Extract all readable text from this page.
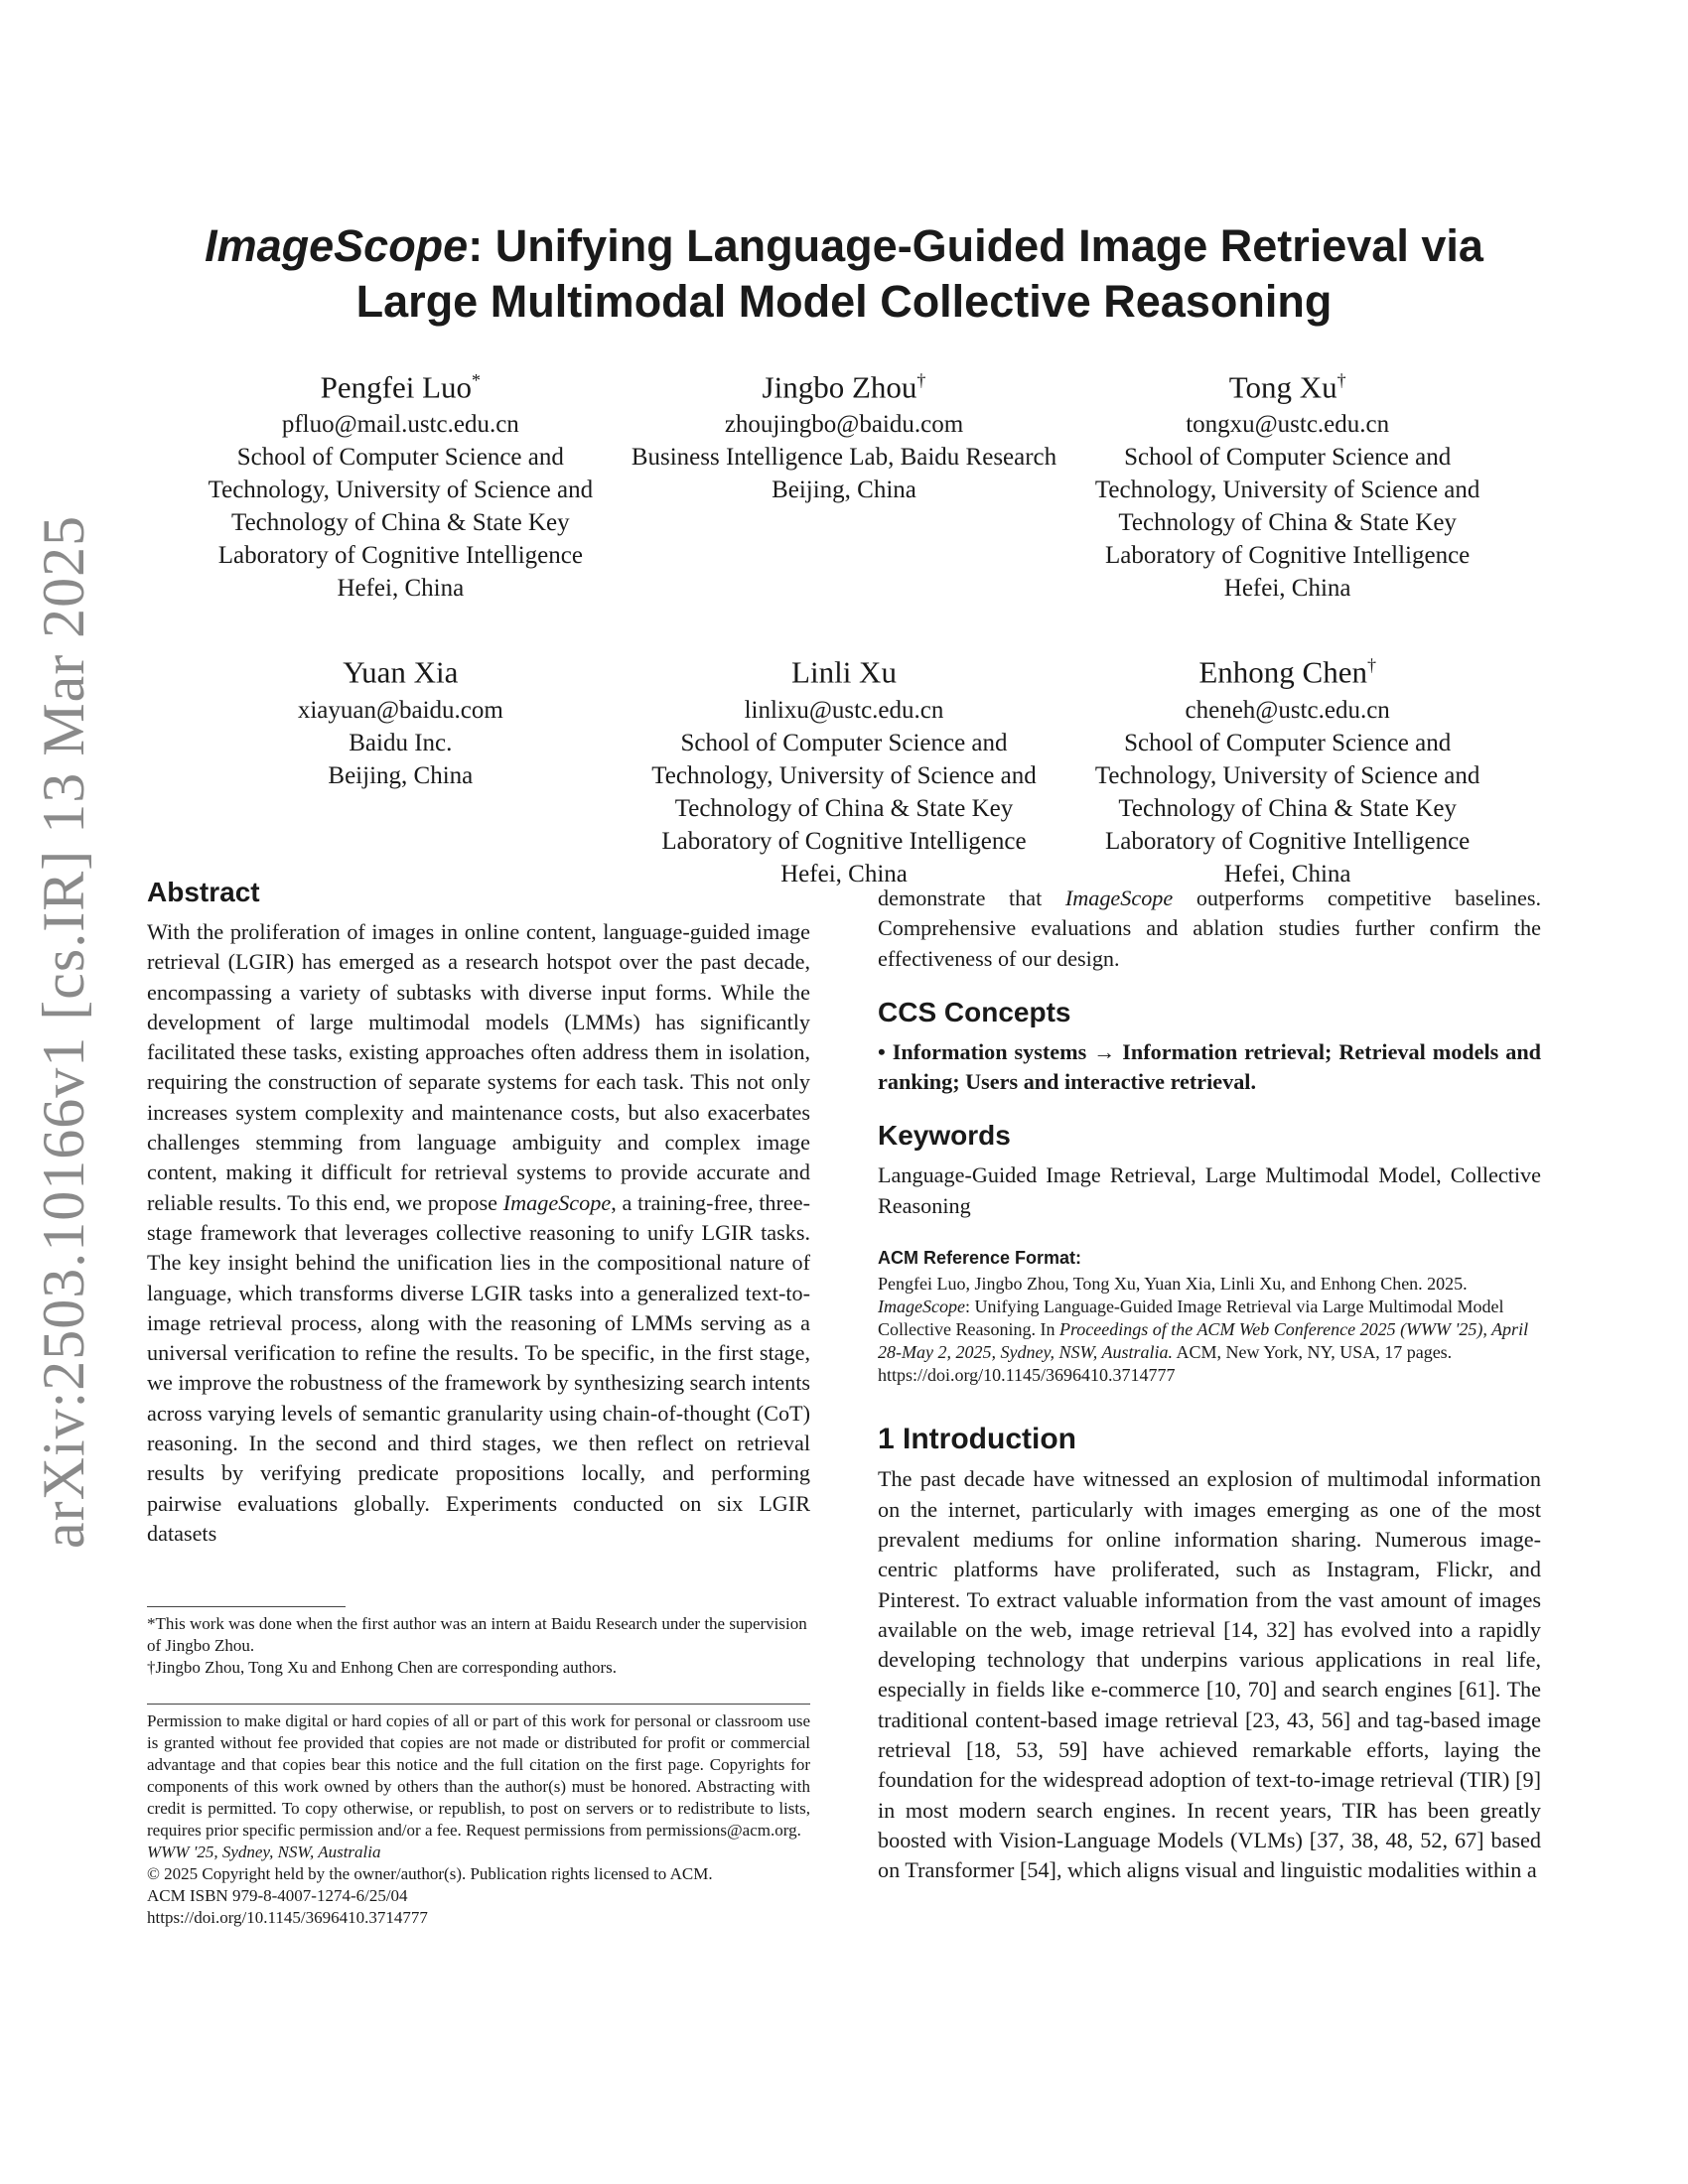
arXiv:2503.10166v1 [cs.IR] 13 Mar 2025
ImageScope: Unifying Language-Guided Image Retrieval via Large Multimodal Model Collective Reasoning
Pengfei Luo*
pfluo@mail.ustc.edu.cn
School of Computer Science and Technology, University of Science and Technology of China & State Key Laboratory of Cognitive Intelligence
Hefei, China
Jingbo Zhou†
zhoujingbo@baidu.com
Business Intelligence Lab, Baidu Research
Beijing, China
Tong Xu†
tongxu@ustc.edu.cn
School of Computer Science and Technology, University of Science and Technology of China & State Key Laboratory of Cognitive Intelligence
Hefei, China
Yuan Xia
xiayuan@baidu.com
Baidu Inc.
Beijing, China
Linli Xu
linlixu@ustc.edu.cn
School of Computer Science and Technology, University of Science and Technology of China & State Key Laboratory of Cognitive Intelligence
Hefei, China
Enhong Chen†
cheneh@ustc.edu.cn
School of Computer Science and Technology, University of Science and Technology of China & State Key Laboratory of Cognitive Intelligence
Hefei, China
Abstract

With the proliferation of images in online content, language-guided image retrieval (LGIR) has emerged as a research hotspot over the past decade, encompassing a variety of subtasks with diverse input forms. While the development of large multimodal models (LMMs) has significantly facilitated these tasks, existing approaches often address them in isolation, requiring the construction of separate systems for each task. This not only increases system complexity and maintenance costs, but also exacerbates challenges stemming from language ambiguity and complex image content, making it difficult for retrieval systems to provide accurate and reliable results. To this end, we propose ImageScope, a training-free, three-stage framework that leverages collective reasoning to unify LGIR tasks. The key insight behind the unification lies in the compositional nature of language, which transforms diverse LGIR tasks into a generalized text-to-image retrieval process, along with the reasoning of LMMs serving as a universal verification to refine the results. To be specific, in the first stage, we improve the robustness of the framework by synthesizing search intents across varying levels of semantic granularity using chain-of-thought (CoT) reasoning. In the second and third stages, we then reflect on retrieval results by verifying predicate propositions locally, and performing pairwise evaluations globally. Experiments conducted on six LGIR datasets

*This work was done when the first author was an intern at Baidu Research under the supervision of Jingbo Zhou.
†Jingbo Zhou, Tong Xu and Enhong Chen are corresponding authors.
Permission to make digital or hard copies of all or part of this work for personal or classroom use is granted without fee provided that copies are not made or distributed for profit or commercial advantage and that copies bear this notice and the full citation on the first page. Copyrights for components of this work owned by others than the author(s) must be honored. Abstracting with credit is permitted. To copy otherwise, or republish, to post on servers or to redistribute to lists, requires prior specific permission and/or a fee. Request permissions from permissions@acm.org.
WWW '25, Sydney, NSW, Australia
© 2025 Copyright held by the owner/author(s). Publication rights licensed to ACM.
ACM ISBN 979-8-4007-1274-6/25/04
https://doi.org/10.1145/3696410.3714777

demonstrate that ImageScope outperforms competitive baselines. Comprehensive evaluations and ablation studies further confirm the effectiveness of our design.

CCS Concepts

• Information systems → Information retrieval; Retrieval models and ranking; Users and interactive retrieval.

Keywords

Language-Guided Image Retrieval, Large Multimodal Model, Collective Reasoning

ACM Reference Format:

Pengfei Luo, Jingbo Zhou, Tong Xu, Yuan Xia, Linli Xu, and Enhong Chen. 2025. ImageScope: Unifying Language-Guided Image Retrieval via Large Multimodal Model Collective Reasoning. In Proceedings of the ACM Web Conference 2025 (WWW '25), April 28-May 2, 2025, Sydney, NSW, Australia. ACM, New York, NY, USA, 17 pages. https://doi.org/10.1145/3696410.3714777

1 Introduction

The past decade have witnessed an explosion of multimodal information on the internet, particularly with images emerging as one of the most prevalent mediums for online information sharing. Numerous image-centric platforms have proliferated, such as Instagram, Flickr, and Pinterest. To extract valuable information from the vast amount of images available on the web, image retrieval [14, 32] has evolved into a rapidly developing technology that underpins various applications in real life, especially in fields like e-commerce [10, 70] and search engines [61]. The traditional content-based image retrieval [23, 43, 56] and tag-based image retrieval [18, 53, 59] have achieved remarkable efforts, laying the foundation for the widespread adoption of text-to-image retrieval (TIR) [9] in most modern search engines. In recent years, TIR has been greatly boosted with Vision-Language Models (VLMs) [37, 38, 48, 52, 67] based on Transformer [54], which aligns visual and linguistic modalities within a
